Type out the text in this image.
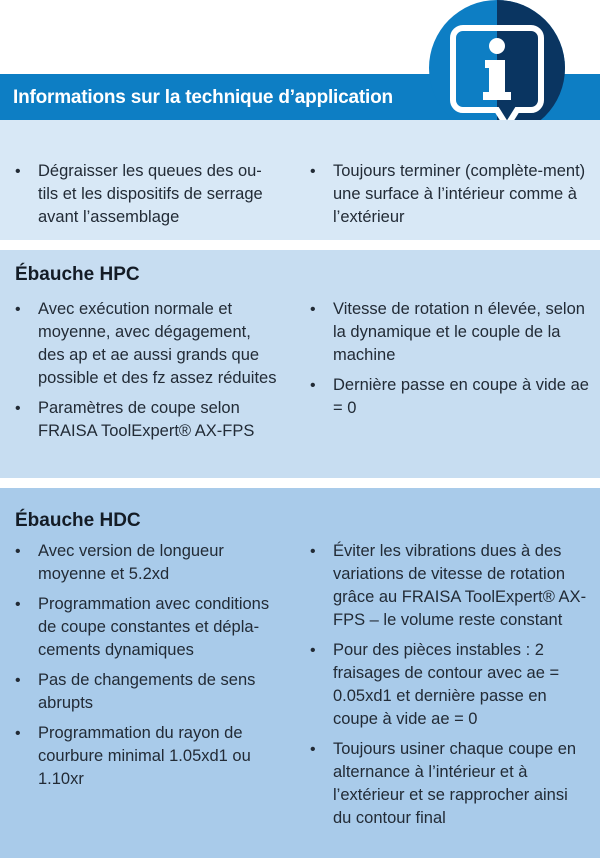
Informations sur la technique d’application
• Dégraisser les queues des ou-tils et les dispositifs de serrage avant l’assemblage
• Toujours terminer (complète-ment) une surface à l’intérieur comme à l’extérieur
Ébauche HPC
• Avec exécution normale et moyenne, avec dégagement, des ap et ae aussi grands que possible et des fz assez réduites
• Paramètres de coupe selon FRAISA ToolExpert® AX-FPS
• Vitesse de rotation n élevée, selon la dynamique et le couple de la machine
• Dernière passe en coupe à vide ae = 0
Ébauche HDC
• Avec version de longueur moyenne et 5.2xd
• Programmation avec conditions de coupe constantes et dépla-cements dynamiques
• Pas de changements de sens abrupts
• Programmation du rayon de courbure minimal 1.05xd1 ou 1.10xr
• Éviter les vibrations dues à des variations de vitesse de rotation grâce au FRAISA ToolExpert® AX-FPS – le volume reste constant
• Pour des pièces instables : 2 fraisages de contour avec ae = 0.05xd1 et dernière passe en coupe à vide ae = 0
• Toujours usiner chaque coupe en alternance à l’intérieur et à l’extérieur et se rapprocher ainsi du contour final
